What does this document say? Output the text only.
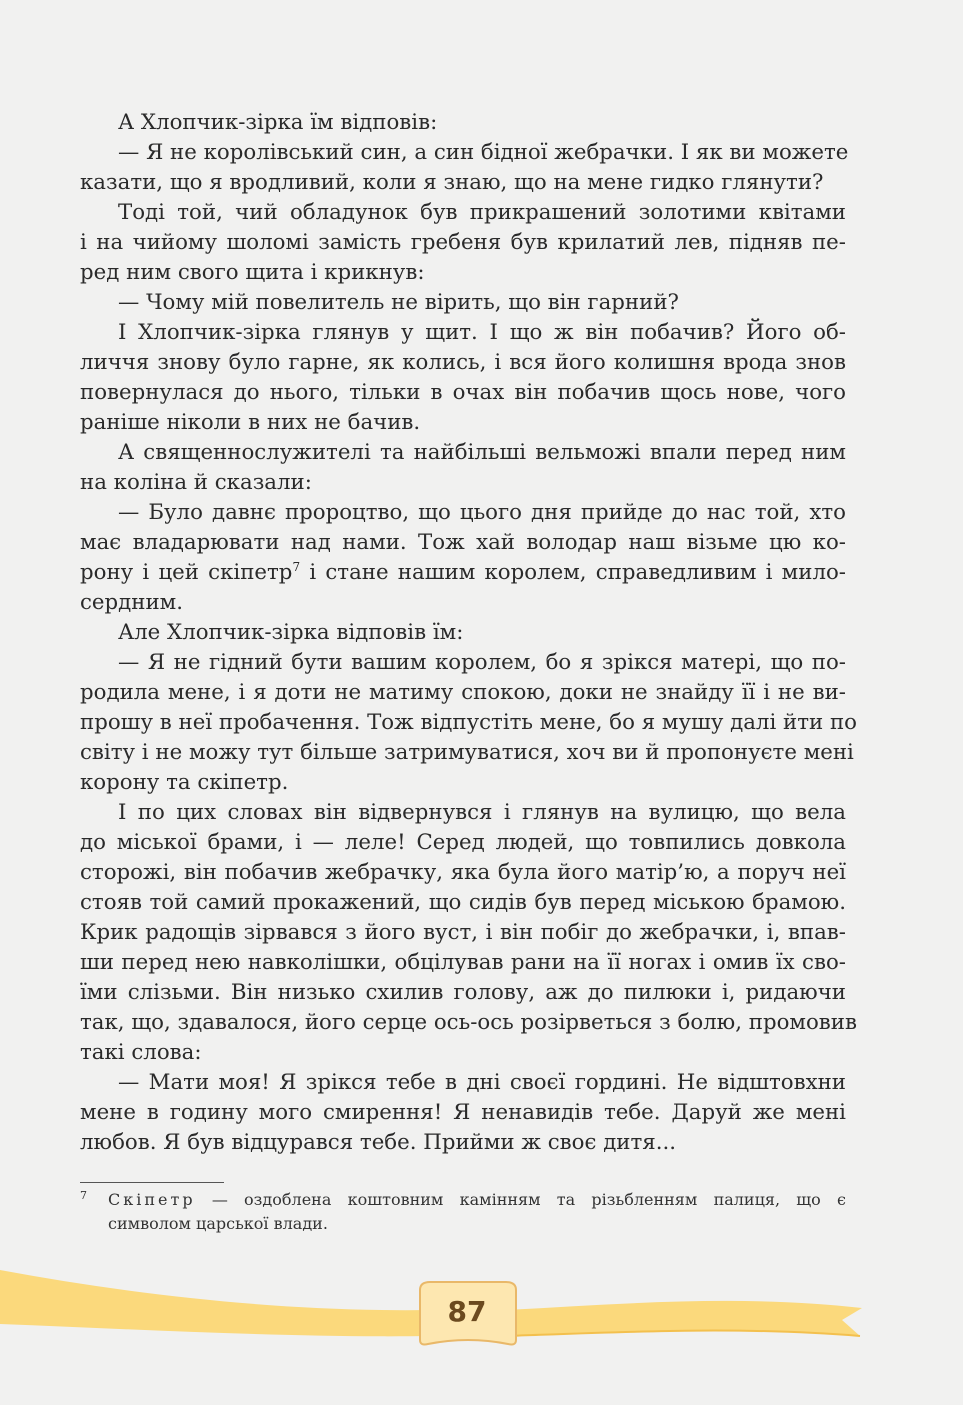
А Хлопчик-зірка їм відповів:

— Я не королівський син, а син бідної жебрачки. І як ви можете
казати, що я вродливий, коли я знаю, що на мене гидко глянути?

Тоді той, чий обладунок був прикрашений золотими квітами
і на чийому шоломі замість гребеня був крилатий лев, підняв пе-
ред ним свого щита і крикнув:

— Чому мій повелитель не вірить, що він гарний?

І Хлопчик-зірка глянув у щит. І що ж він побачив? Його об-
личчя знову було гарне, як колись, і вся його колишня врода знов
повернулася до нього, тільки в очах він побачив щось нове, чого
раніше ніколи в них не бачив.

А священнослужителі та найбільші вельможі впали перед ним
на коліна й сказали:

— Було давнє пророцтво, що цього дня прийде до нас той, хто
має владарювати над нами. Тож хай володар наш візьме цю ко-
рону і цей скіпетр$^7$ і стане нашим королем, справедливим і мило-
сердним.

Але Хлопчик-зірка відповів їм:

— Я не гідний бути вашим королем, бо я зрікся матері, що по-
родила мене, і я доти не матиму спокою, доки не знайду її і не ви-
прошу в неї пробачення. Тож відпустіть мене, бо я мушу далі йти по
світу і не можу тут більше затримуватися, хоч ви й пропонуєте мені
корону та скіпетр.

І по цих словах він відвернувся і глянув на вулицю, що вела
до міської брами, і — леле! Серед людей, що товпились довкола
сторожі, він побачив жебрачку, яка була його матір’ю, а поруч неї
стояв той самий прокажений, що сидів був перед міською брамою.
Крик радощів зірвався з його вуст, і він побіг до жебрачки, і, впав-
ши перед нею навколішки, обцілував рани на її ногах і омив їх сво-
їми слізьми. Він низько схилив голову, аж до пилюки і, ридаючи
так, що, здавалося, його серце ось-ось розірветься з болю, промовив
такі слова:

— Мати моя! Я зрікся тебе в дні своєї гордині. Не відштовхни
мене в годину мого смирення! Я ненавидів тебе. Даруй же мені
любов. Я був відцурався тебе. Прийми ж своє дитя...

7 Скіпетр — оздоблена коштовним камінням та різьбленням палиця, що є
символом царської влади.
87
